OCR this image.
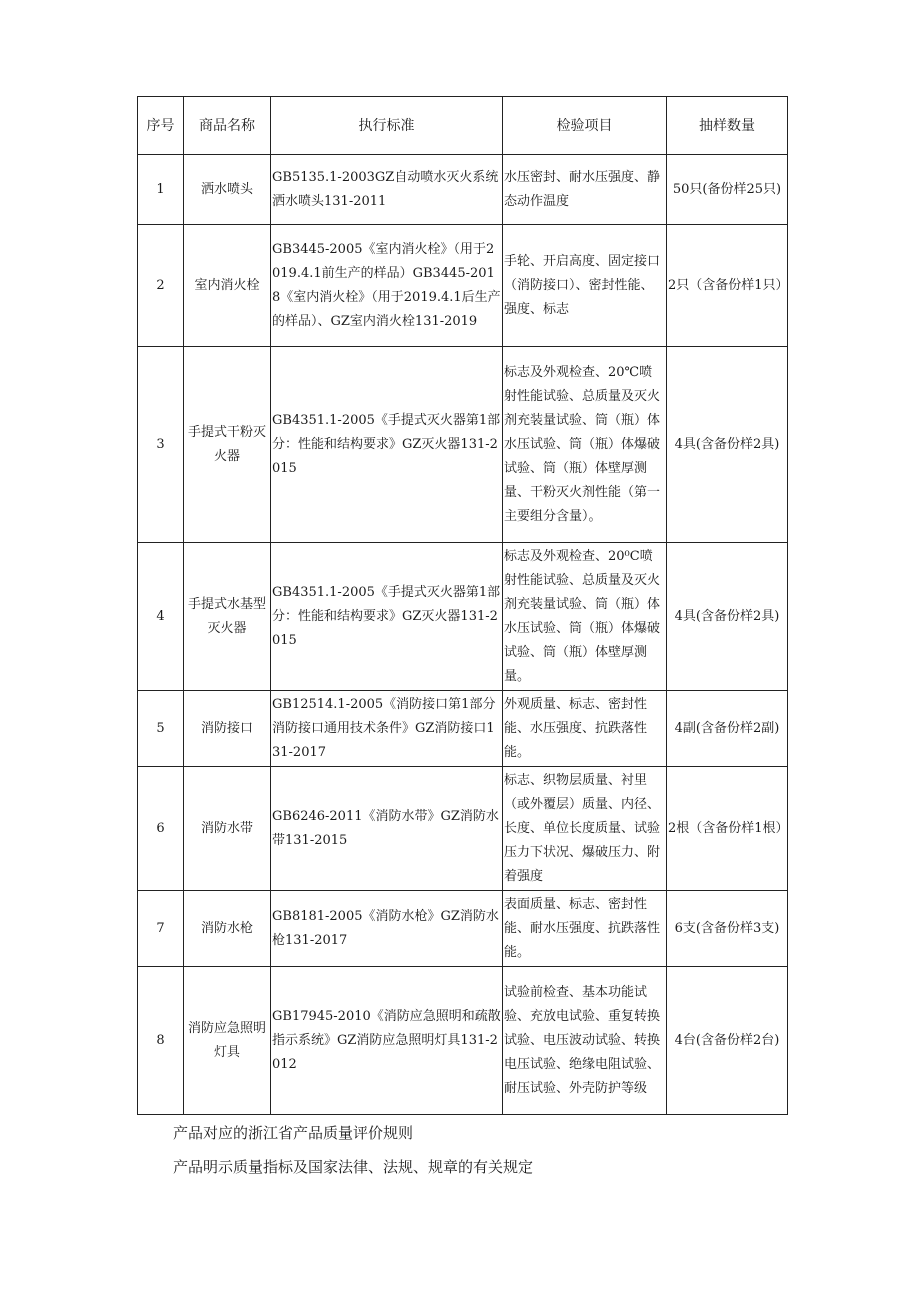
序号	商品名称	执行标准	检验项目	抽样数量
1	洒水喷头	GB5135.1-2003GZ自动喷水灭火系统洒水喷头131-2011	水压密封、耐水压强度、静态动作温度	50只(备份样25只)
2	室内消火栓	GB3445-2005《室内消火栓》（用于2019.4.1前生产的样品）GB3445-2018《室内消火栓》（用于2019.4.1后生产的样品）、GZ室内消火栓131-2019	手轮、开启高度、固定接口（消防接口）、密封性能、强度、标志	2只（含备份样1只）
3	手提式干粉灭火器	GB4351.1-2005《手提式灭火器第1部分：性能和结构要求》GZ灭火器131-2015	标志及外观检查、20℃喷射性能试验、总质量及灭火剂充装量试验、筒（瓶）体水压试验、筒（瓶）体爆破试验、筒（瓶）体壁厚测量、干粉灭火剂性能（第一主要组分含量）。	4具(含备份样2具)
4	手提式水基型灭火器	GB4351.1-2005《手提式灭火器第1部分：性能和结构要求》GZ灭火器131-2015	标志及外观检查、20⁰C喷射性能试验、总质量及灭火剂充装量试验、筒（瓶）体水压试验、筒（瓶）体爆破试验、筒（瓶）体壁厚测量。	4具(含备份样2具)
5	消防接口	GB12514.1-2005《消防接口第1部分消防接口通用技术条件》GZ消防接口131-2017	外观质量、标志、密封性能、水压强度、抗跌落性能。	4副(含备份样2副)
6	消防水带	GB6246-2011《消防水带》GZ消防水带131-2015	标志、织物层质量、衬里（或外覆层）质量、内径、长度、单位长度质量、试验压力下状况、爆破压力、附着强度	2根（含备份样1根）
7	消防水枪	GB8181-2005《消防水枪》GZ消防水枪131-2017	表面质量、标志、密封性能、耐水压强度、抗跌落性能。	6支(含备份样3支)
8	消防应急照明灯具	GB17945-2010《消防应急照明和疏散指示系统》GZ消防应急照明灯具131-2012	试验前检查、基本功能试验、充放电试验、重复转换试验、电压波动试验、转换电压试验、绝缘电阻试验、耐压试验、外壳防护等级	4台(含备份样2台)
产品对应的浙江省产品质量评价规则
产品明示质量指标及国家法律、法规、规章的有关规定
